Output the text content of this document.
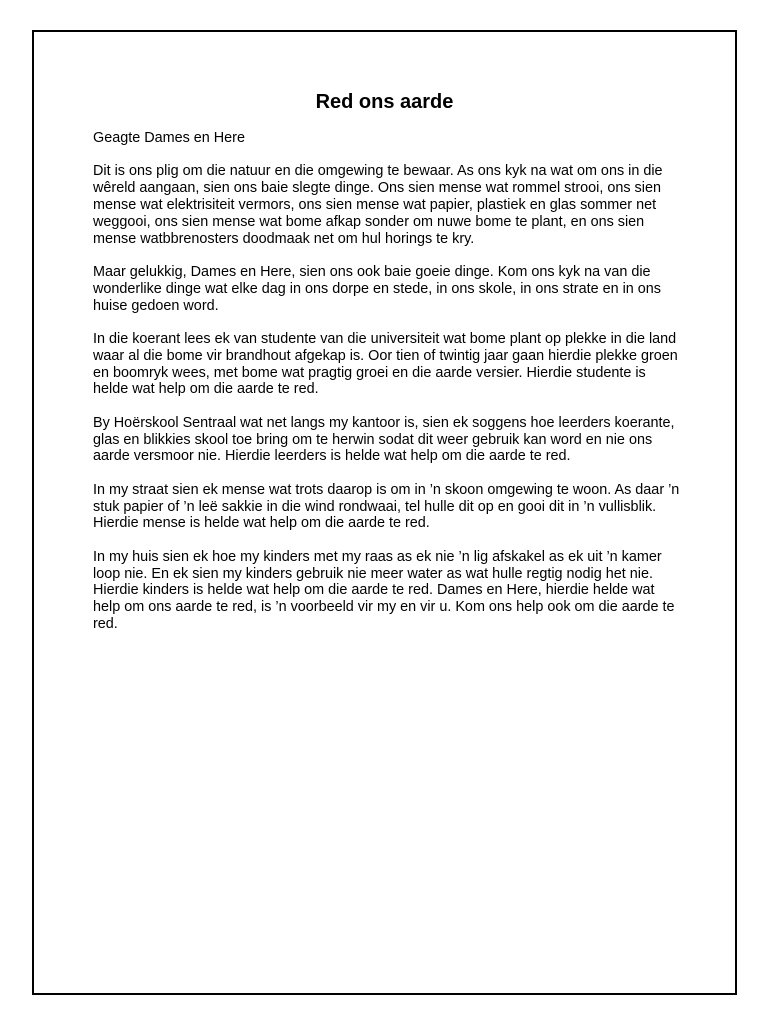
Red ons aarde

Geagte Dames en Here

Dit is ons plig om die natuur en die omgewing te bewaar. As ons kyk na wat om ons in die wêreld aangaan, sien ons baie slegte dinge. Ons sien mense wat rommel strooi, ons sien mense wat elektrisiteit vermors, ons sien mense wat papier, plastiek en glas sommer net weggooi, ons sien mense wat bome afkap sonder om nuwe bome te plant, en ons sien mense watbbrenosters doodmaak net om hul horings te kry.

Maar gelukkig, Dames en Here, sien ons ook baie goeie dinge. Kom ons kyk na van die wonderlike dinge wat elke dag in ons dorpe en stede, in ons skole, in ons strate en in ons huise gedoen word.

In die koerant lees ek van studente van die universiteit wat bome plant op plekke in die land waar al die bome vir brandhout afgekap is. Oor tien of twintig jaar gaan hierdie plekke groen en boomryk wees, met bome wat pragtig groei en die aarde versier. Hierdie studente is helde wat help om die aarde te red.

By Hoërskool Sentraal wat net langs my kantoor is, sien ek soggens hoe leerders koerante, glas en blikkies skool toe bring om te herwin sodat dit weer gebruik kan word en nie ons aarde versmoor nie. Hierdie leerders is helde wat help om die aarde te red.

In my straat sien ek mense wat trots daarop is om in ’n skoon omgewing te woon. As daar ’n stuk papier of ’n leë sakkie in die wind rondwaai, tel hulle dit op en gooi dit in ’n vullisblik. Hierdie mense is helde wat help om die aarde te red.

In my huis sien ek hoe my kinders met my raas as ek nie ’n lig afskakel as ek uit ’n kamer loop nie. En ek sien my kinders gebruik nie meer water as wat hulle regtig nodig het nie. Hierdie kinders is helde wat help om die aarde te red. Dames en Here, hierdie helde wat help om ons aarde te red, is ’n voorbeeld vir my en vir u. Kom ons help ook om die aarde te red.
